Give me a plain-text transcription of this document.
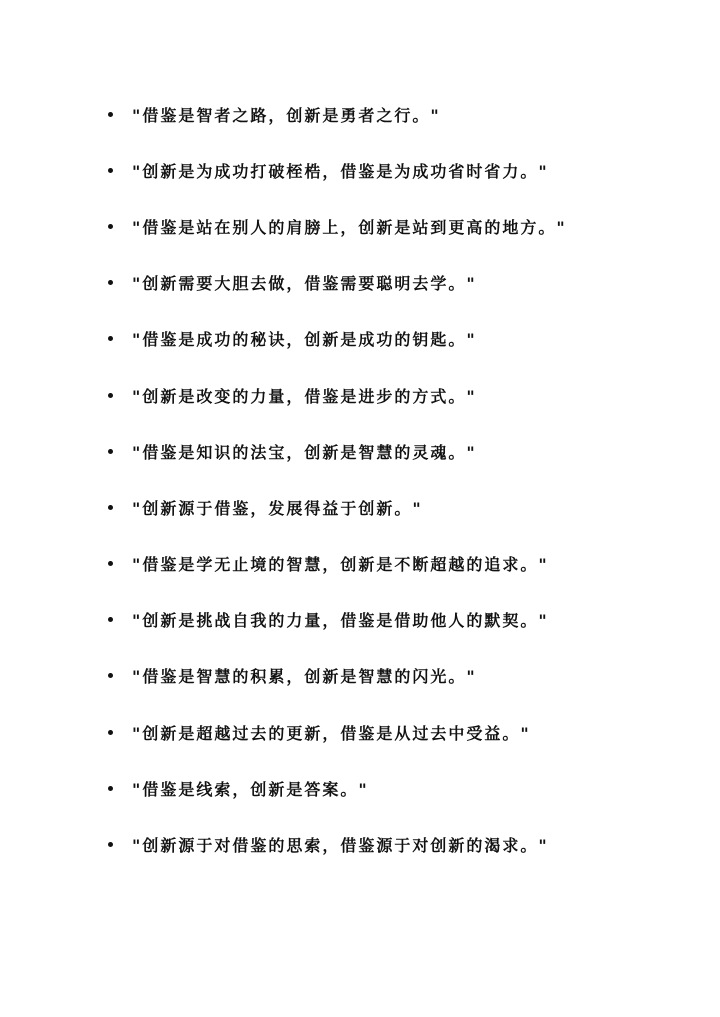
"借鉴是智者之路，创新是勇者之行。"
"创新是为成功打破桎梏，借鉴是为成功省时省力。"
"借鉴是站在别人的肩膀上，创新是站到更高的地方。"
"创新需要大胆去做，借鉴需要聪明去学。"
"借鉴是成功的秘诀，创新是成功的钥匙。"
"创新是改变的力量，借鉴是进步的方式。"
"借鉴是知识的法宝，创新是智慧的灵魂。"
"创新源于借鉴，发展得益于创新。"
"借鉴是学无止境的智慧，创新是不断超越的追求。"
"创新是挑战自我的力量，借鉴是借助他人的默契。"
"借鉴是智慧的积累，创新是智慧的闪光。"
"创新是超越过去的更新，借鉴是从过去中受益。"
"借鉴是线索，创新是答案。"
"创新源于对借鉴的思索，借鉴源于对创新的渴求。"
